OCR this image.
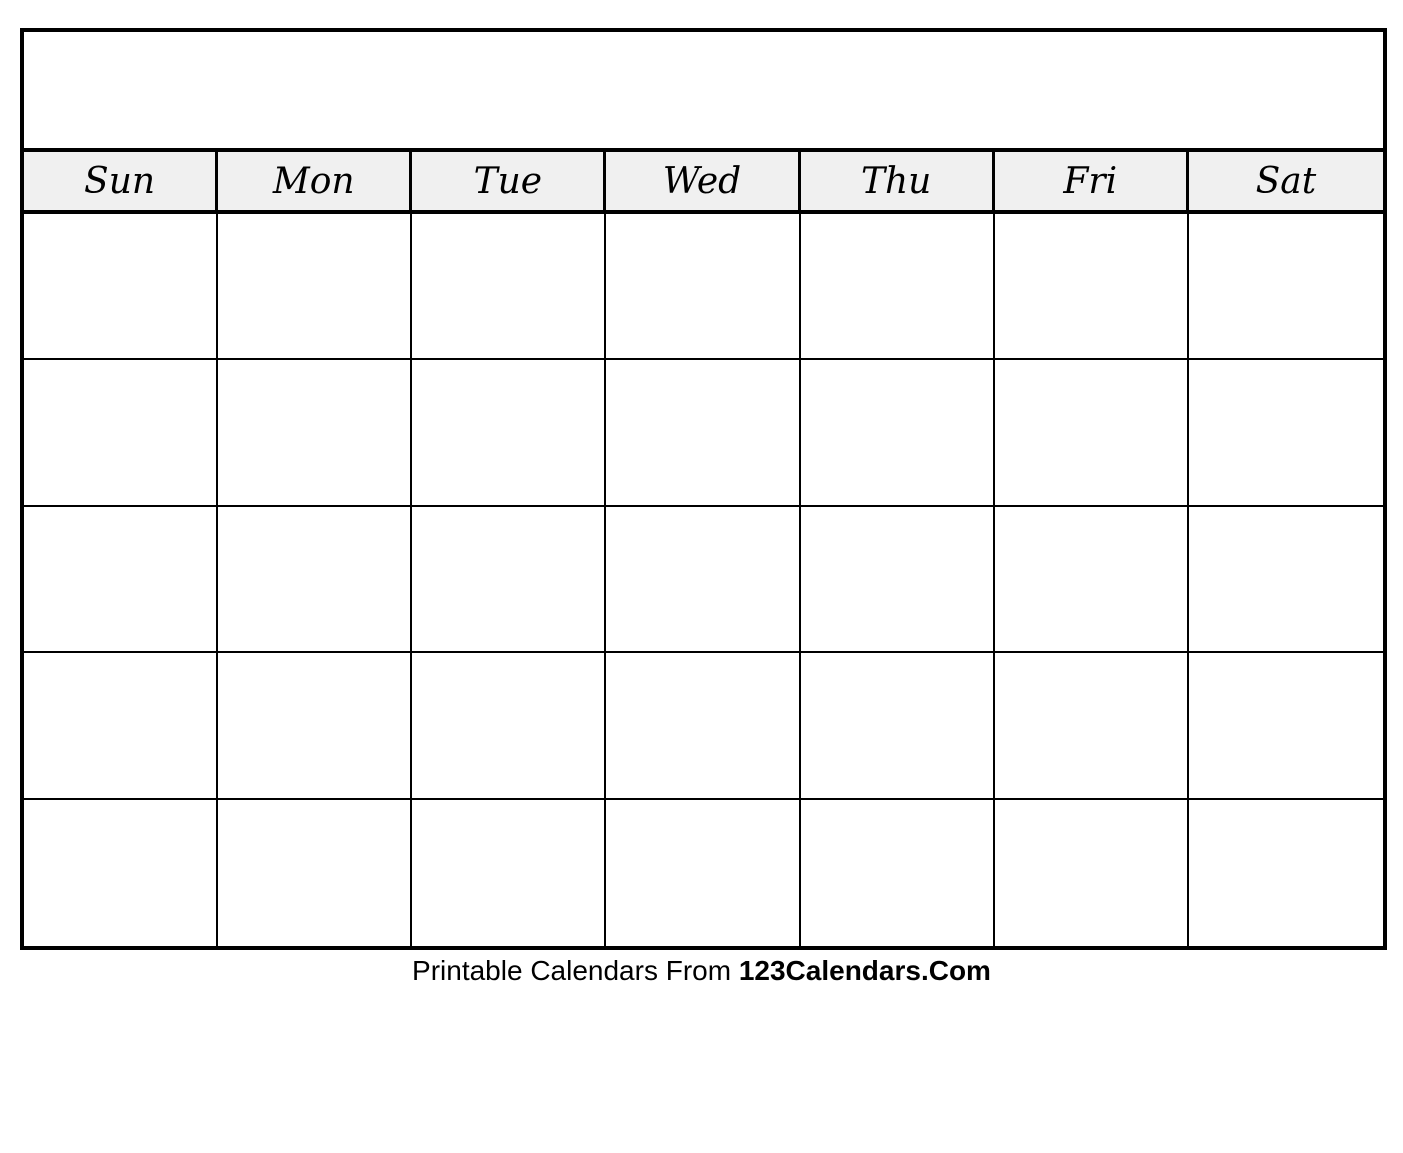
Sun	Mon	Tue	Wed	Thu	Fri	Sat
Printable Calendars From 123Calendars.Com
